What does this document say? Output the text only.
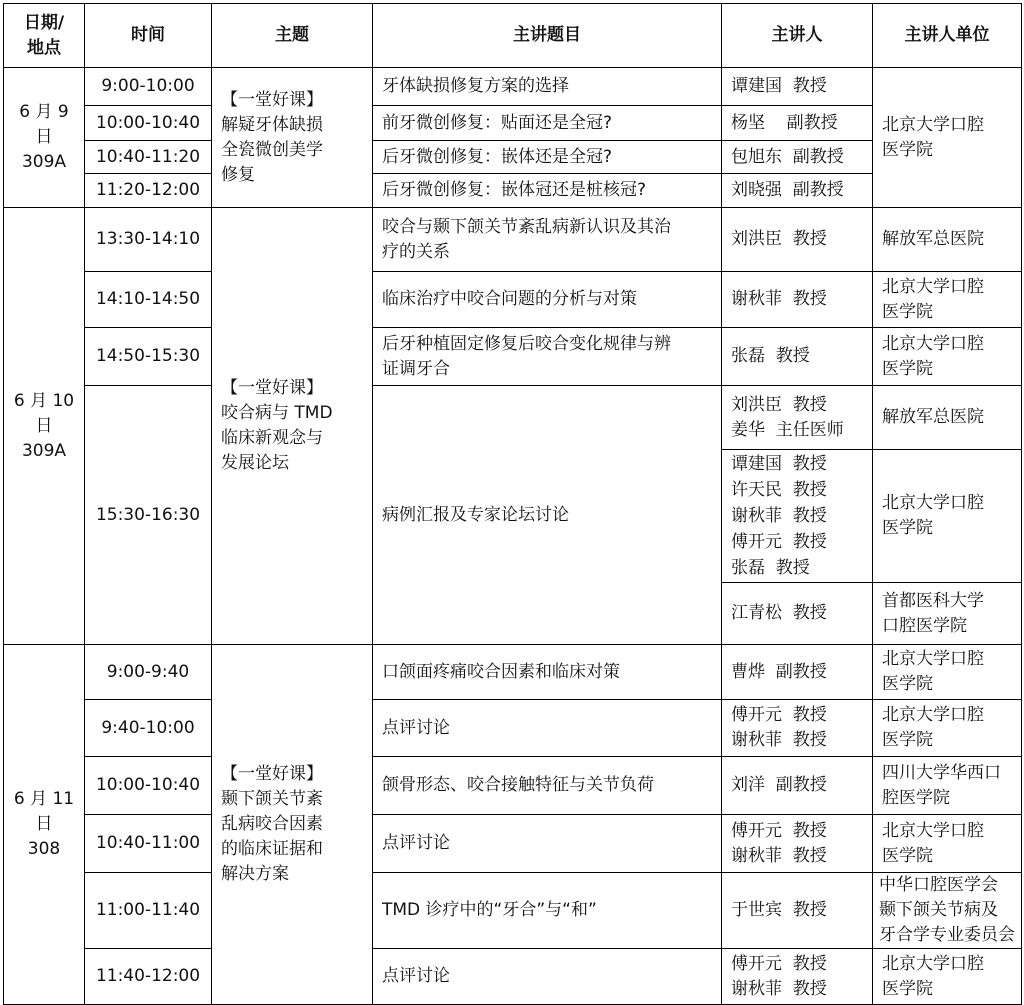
日期/
地点	时间	主题	主讲题目	主讲人	主讲人单位

6 月 9
日
309A	9:00-10:00	【一堂好课】
解疑牙体缺损
全瓷微创美学
修复	牙体缺损修复方案的选择	谭建国  教授	北京大学口腔
医学院

	10:00-10:40		前牙微创修复：贴面还是全冠?	杨坚    副教授	
	10:40-11:20		后牙微创修复：嵌体还是全冠?	包旭东  副教授	
	11:20-12:00		后牙微创修复：嵌体冠还是桩核冠?	刘晓强  副教授	

6 月 10
日
309A	13:30-14:10	【一堂好课】
咬合病与 TMD
临床新观念与
发展论坛	咬合与颞下颌关节紊乱病新认识及其治
疗的关系	刘洪臣  教授	解放军总医院
	14:10-14:50		临床治疗中咬合问题的分析与对策	谢秋菲  教授	北京大学口腔
医学院

	14:50-15:30		后牙种植固定修复后咬合变化规律与辨
证调牙合	张磊  教授	北京大学口腔
医学院

	15:30-16:30		病例汇报及专家论坛讨论	刘洪臣  教授
姜华  主任医师	解放军总医院

				谭建国  教授
许天民  教授
谢秋菲  教授
傅开元  教授
张磊  教授	北京大学口腔
医学院

				江青松  教授	首都医科大学
口腔医学院

6 月 11
日
308	9:00-9:40	【一堂好课】
颞下颌关节紊
乱病咬合因素
的临床证据和
解决方案	口颌面疼痛咬合因素和临床对策	曹烨  副教授	北京大学口腔
医学院

	9:40-10:00		点评讨论	傅开元  教授
谢秋菲  教授	北京大学口腔
医学院

	10:00-10:40		颌骨形态、咬合接触特征与关节负荷	刘洋  副教授	四川大学华西口
腔医学院

	10:40-11:00		点评讨论	傅开元  教授
谢秋菲  教授	北京大学口腔
医学院

	11:00-11:40		TMD 诊疗中的“牙合”与“和”	于世宾  教授	中华口腔医学会
颞下颌关节病及
牙合学专业委员会

	11:40-12:00		点评讨论	傅开元  教授
谢秋菲  教授	北京大学口腔
医学院
